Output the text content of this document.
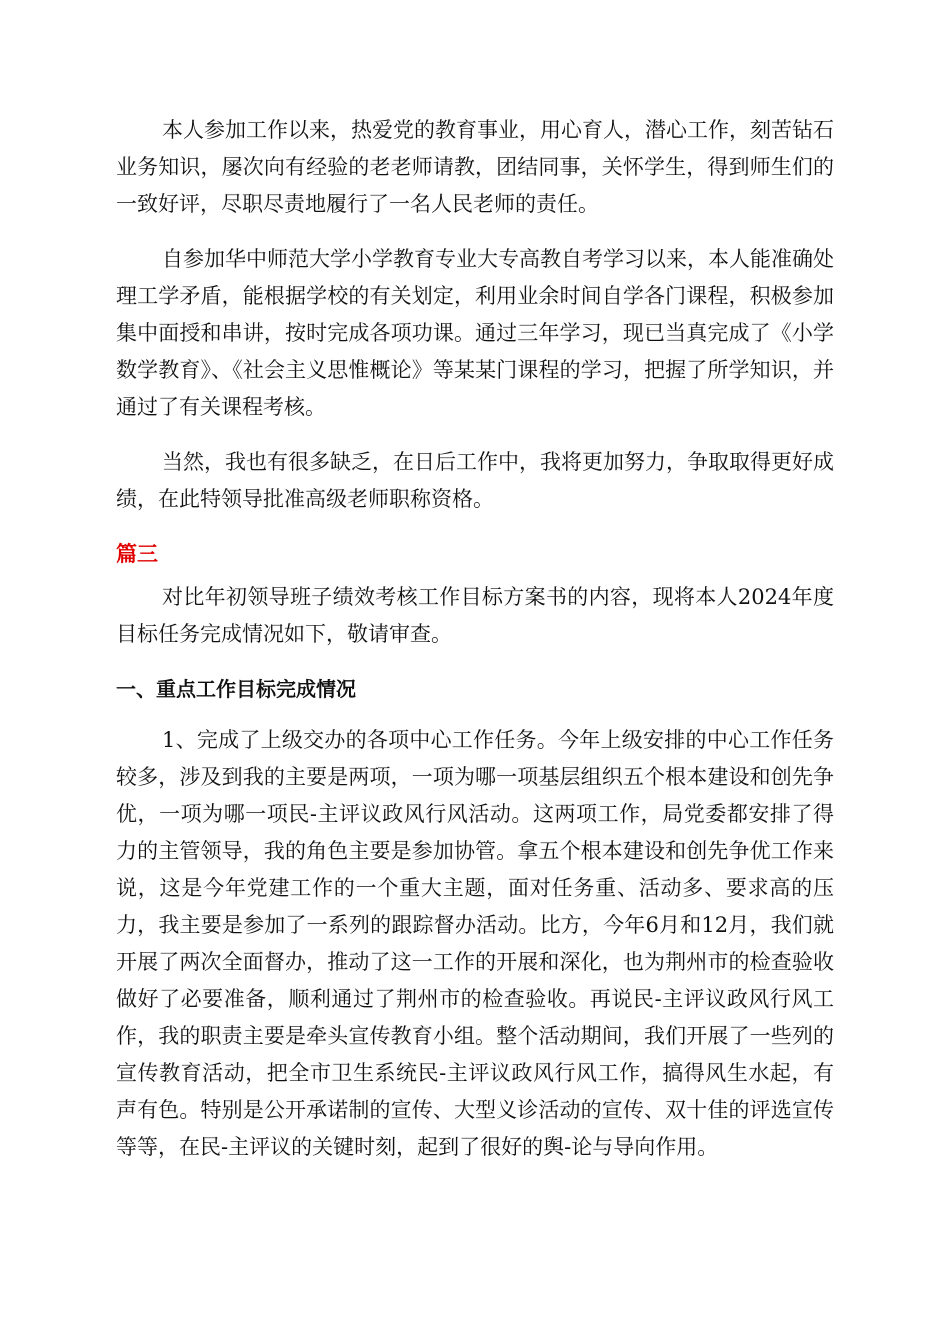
本人参加工作以来，热爱党的教育事业，用心育人，潜心工作，刻苦钻石业务知识，屡次向有经验的老老师请教，团结同事，关怀学生，得到师生们的一致好评，尽职尽责地履行了一名人民老师的责任。

自参加华中师范大学小学教育专业大专高教自考学习以来，本人能准确处理工学矛盾，能根据学校的有关划定，利用业余时间自学各门课程，积极参加集中面授和串讲，按时完成各项功课。通过三年学习，现已当真完成了《小学数学教育》、《社会主义思惟概论》等某某门课程的学习，把握了所学知识，并通过了有关课程考核。

当然，我也有很多缺乏，在日后工作中，我将更加努力，争取取得更好成绩，在此特领导批准高级老师职称资格。

篇三

对比年初领导班子绩效考核工作目标方案书的内容，现将本人2024年度目标任务完成情况如下，敬请审查。

一、重点工作目标完成情况

1、完成了上级交办的各项中心工作任务。今年上级安排的中心工作任务较多，涉及到我的主要是两项，一项为哪一项基层组织五个根本建设和创先争优，一项为哪一项民-主评议政风行风活动。这两项工作，局党委都安排了得力的主管领导，我的角色主要是参加协管。拿五个根本建设和创先争优工作来说，这是今年党建工作的一个重大主题，面对任务重、活动多、要求高的压力，我主要是参加了一系列的跟踪督办活动。比方，今年6月和12月，我们就开展了两次全面督办，推动了这一工作的开展和深化，也为荆州市的检查验收做好了必要准备，顺利通过了荆州市的检查验收。再说民-主评议政风行风工作，我的职责主要是牵头宣传教育小组。整个活动期间，我们开展了一些列的宣传教育活动，把全市卫生系统民-主评议政风行风工作，搞得风生水起，有声有色。特别是公开承诺制的宣传、大型义诊活动的宣传、双十佳的评选宣传等等，在民-主评议的关键时刻，起到了很好的舆-论与导向作用。
